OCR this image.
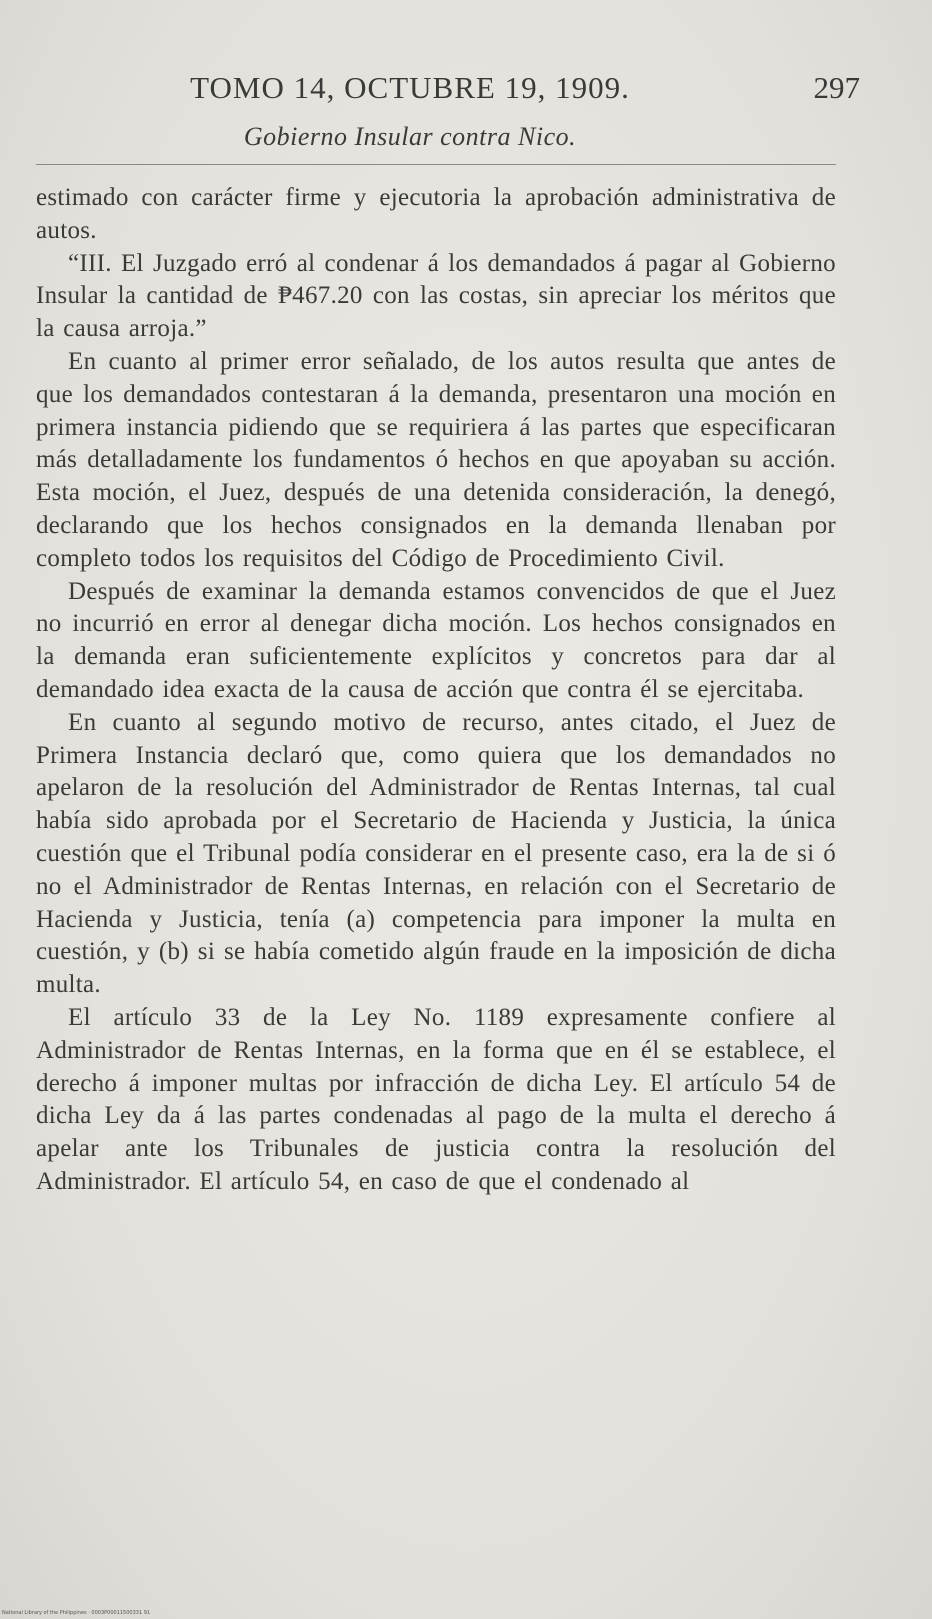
TOMO 14, OCTUBRE 19, 1909.	297
Gobierno Insular contra Nico.

estimado con carácter firme y ejecutoria la aprobación administrativa de autos.

“III. El Juzgado erró al condenar á los demandados á pagar al Gobierno Insular la cantidad de ₱467.20 con las costas, sin apreciar los méritos que la causa arroja.”

En cuanto al primer error señalado, de los autos resulta que antes de que los demandados contestaran á la demanda, presentaron una moción en primera instancia pidiendo que se requiriera á las partes que especificaran más detalladamente los fundamentos ó hechos en que apoyaban su acción. Esta moción, el Juez, después de una detenida consideración, la denegó, declarando que los hechos consignados en la demanda llenaban por completo todos los requisitos del Código de Procedimiento Civil.

Después de examinar la demanda estamos convencidos de que el Juez no incurrió en error al denegar dicha moción. Los hechos consignados en la demanda eran suficientemente explícitos y concretos para dar al demandado idea exacta de la causa de acción que contra él se ejercitaba.

En cuanto al segundo motivo de recurso, antes citado, el Juez de Primera Instancia declaró que, como quiera que los demandados no apelaron de la resolución del Administrador de Rentas Internas, tal cual había sido aprobada por el Secretario de Hacienda y Justicia, la única cuestión que el Tribunal podía considerar en el presente caso, era la de si ó no el Administrador de Rentas Internas, en relación con el Secretario de Hacienda y Justicia, tenía (a) competencia para imponer la multa en cuestión, y (b) si se había cometido algún fraude en la imposición de dicha multa.

El artículo 33 de la Ley No. 1189 expresamente confiere al Administrador de Rentas Internas, en la forma que en él se establece, el derecho á imponer multas por infracción de dicha Ley. El artículo 54 de dicha Ley da á las partes condenadas al pago de la multa el derecho á apelar ante los Tribunales de justicia contra la resolución del Administrador. El artículo 54, en caso de que el condenado al

National Library of the Philippines · 0003P00011500331 91
